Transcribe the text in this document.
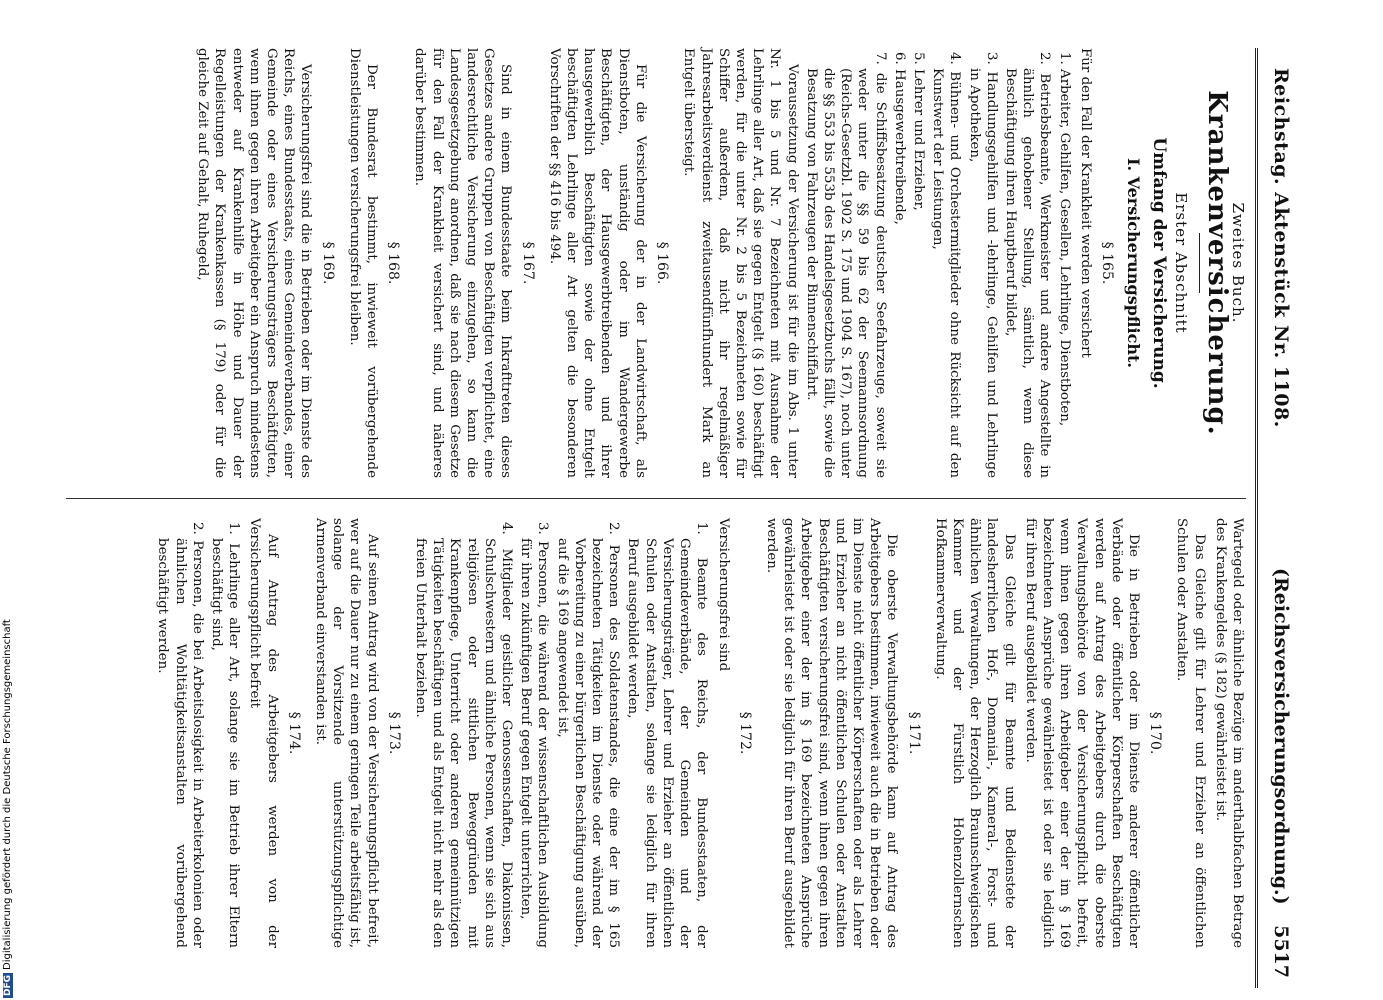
Reichstag. Aktenstück Nr. 1108.
(Reichsversicherungsordnung.)
5517
Zweites Buch.
Krankenversicherung.
Erster Abschnitt
Umfang der Versicherung.
I. Versicherungspflicht.
§ 165.

Für den Fall der Krankheit werden versichert

1. Arbeiter, Gehilfen, Gesellen, Lehrlinge, Dienstboten,
2. Betriebsbeamte, Werkmeister und andere Angestellte in ähnlich gehobener Stellung, sämtlich, wenn diese Beschäftigung ihren Hauptberuf bildet,
3. Handlungsgehilfen und -lehrlinge, Gehilfen und Lehrlinge in Apotheken,
4. Bühnen- und Orchestermitglieder ohne Rücksicht auf den Kunstwert der Leistungen,
5. Lehrer und Erzieher,
6. Hausgewerbtreibende,
7. die Schiffsbesatzung deutscher Seefahrzeuge, soweit sie weder unter die §§ 59 bis 62 der Seemannsordnung (Reichs-Gesetzbl. 1902 S. 175 und 1904 S. 167), noch unter die §§ 553 bis 553b des Handelsgesetzbuchs fällt, sowie die Besatzung von Fahrzeugen der Binnenschiffahrt.

Voraussetzung der Versicherung ist für die im Abs. 1 unter Nr. 1 bis 5 und Nr. 7 Bezeichneten mit Ausnahme der Lehrlinge aller Art, daß sie gegen Entgelt (§ 160) beschäftigt werden, für die unter Nr. 2 bis 5 Bezeichneten sowie für Schiffer außerdem, daß nicht ihr regelmäßiger Jahresarbeitsverdienst zweitausendfünfhundert Mark an Entgelt übersteigt.

§ 166.

Für die Versicherung der in der Landwirtschaft, als Dienstboten, unständig oder im Wandergewerbe Beschäftigten, der Hausgewerbtreibenden und ihrer hausgewerblich Beschäftigten sowie der ohne Entgelt beschäftigten Lehrlinge aller Art gelten die besonderen Vorschriften der §§ 416 bis 494.

§ 167.

Sind in einem Bundesstaate beim Inkrafttreten dieses Gesetzes andere Gruppen von Beschäftigten verpflichtet, eine landesrechtliche Versicherung einzugehen, so kann die Landesgesetzgebung anordnen, daß sie nach diesem Gesetze für den Fall der Krankheit versichert sind, und näheres darüber bestimmen.

§ 168.

Der Bundesrat bestimmt, inwieweit vorübergehende Dienstleistungen versicherungsfrei bleiben.

§ 169.

Versicherungsfrei sind die in Betrieben oder im Dienste des Reichs, eines Bundesstaats, eines Gemeindeverbandes, einer Gemeinde oder eines Versicherungsträgers Beschäftigten, wenn ihnen gegen ihren Arbeitgeber ein Anspruch mindestens entweder auf Krankenhilfe in Höhe und Dauer der Regelleistungen der Krankenkassen (§ 179) oder für die gleiche Zeit auf Gehalt, Ruhegeld,

Wartegeld oder ähnliche Bezüge im anderthalbfachen Betrage des Krankengeldes (§ 182) gewährleistet ist.

Das Gleiche gilt für Lehrer und Erzieher an öffentlichen Schulen oder Anstalten.

§ 170.

Die in Betrieben oder im Dienste anderer öffentlicher Verbände oder öffentlicher Körperschaften Beschäftigten werden auf Antrag des Arbeitgebers durch die oberste Verwaltungsbehörde von der Versicherungspflicht befreit, wenn ihnen gegen ihren Arbeitgeber einer der im § 169 bezeichneten Ansprüche gewährleistet ist oder sie lediglich für ihren Beruf ausgebildet werden.

Das Gleiche gilt für Beamte und Bedienstete der landesherrlichen Hof-, Domanial-, Kameral-, Forst- und ähnlichen Verwaltungen, der Herzoglich Braunschweigischen Kammer und der Fürstlich Hohenzollernschen Hofkammerverwaltung.

§ 171.

Die oberste Verwaltungsbehörde kann auf Antrag des Arbeitgebers bestimmen, inwieweit auch die in Betrieben oder im Dienste nicht öffentlicher Körperschaften oder als Lehrer und Erzieher an nicht öffentlichen Schulen oder Anstalten Beschäftigten versicherungsfrei sind, wenn ihnen gegen ihren Arbeitgeber einer der im § 169 bezeichneten Ansprüche gewährleistet ist oder sie lediglich für ihren Beruf ausgebildet werden.

§ 172.

Versicherungsfrei sind

1. Beamte des Reichs, der Bundesstaaten, der Gemeindeverbände, der Gemeinden und der Versicherungsträger, Lehrer und Erzieher an öffentlichen Schulen oder Anstalten, solange sie lediglich für ihren Beruf ausgebildet werden,
2. Personen des Soldatenstandes, die eine der im § 165 bezeichneten Tätigkeiten im Dienste oder während der Vorbereitung zu einer bürgerlichen Beschäftigung ausüben, auf die § 169 angewendet ist,
3. Personen, die während der wissenschaftlichen Ausbildung für ihren zukünftigen Beruf gegen Entgelt unterrichten,
4. Mitglieder geistlicher Genossenschaften, Diakonissen, Schulschwestern und ähnliche Personen, wenn sie sich aus religiösen oder sittlichen Beweggründen mit Krankenpflege, Unterricht oder anderen gemeinnützigen Tätigkeiten beschäftigen und als Entgelt nicht mehr als den freien Unterhalt beziehen.
§ 173.

Auf seinen Antrag wird von der Versicherungspflicht befreit, wer auf die Dauer nur zu einem geringen Teile arbeitsfähig ist, solange der Vorsitzende unterstützungspflichtige Armenverband einverstanden ist.

§ 174.

Auf Antrag des Arbeitgebers werden von der Versicherungspflicht befreit

1. Lehrlinge aller Art, solange sie im Betrieb ihrer Eltern beschäftigt sind,
2. Personen, die bei Arbeitslosigkeit in Arbeiterkolonien oder ähnlichen Wohltätigkeitsanstalten vorübergehend beschäftigt werden.
DFGDigitalisierung gefördert durch die Deutsche Forschungsgemeinschaft
